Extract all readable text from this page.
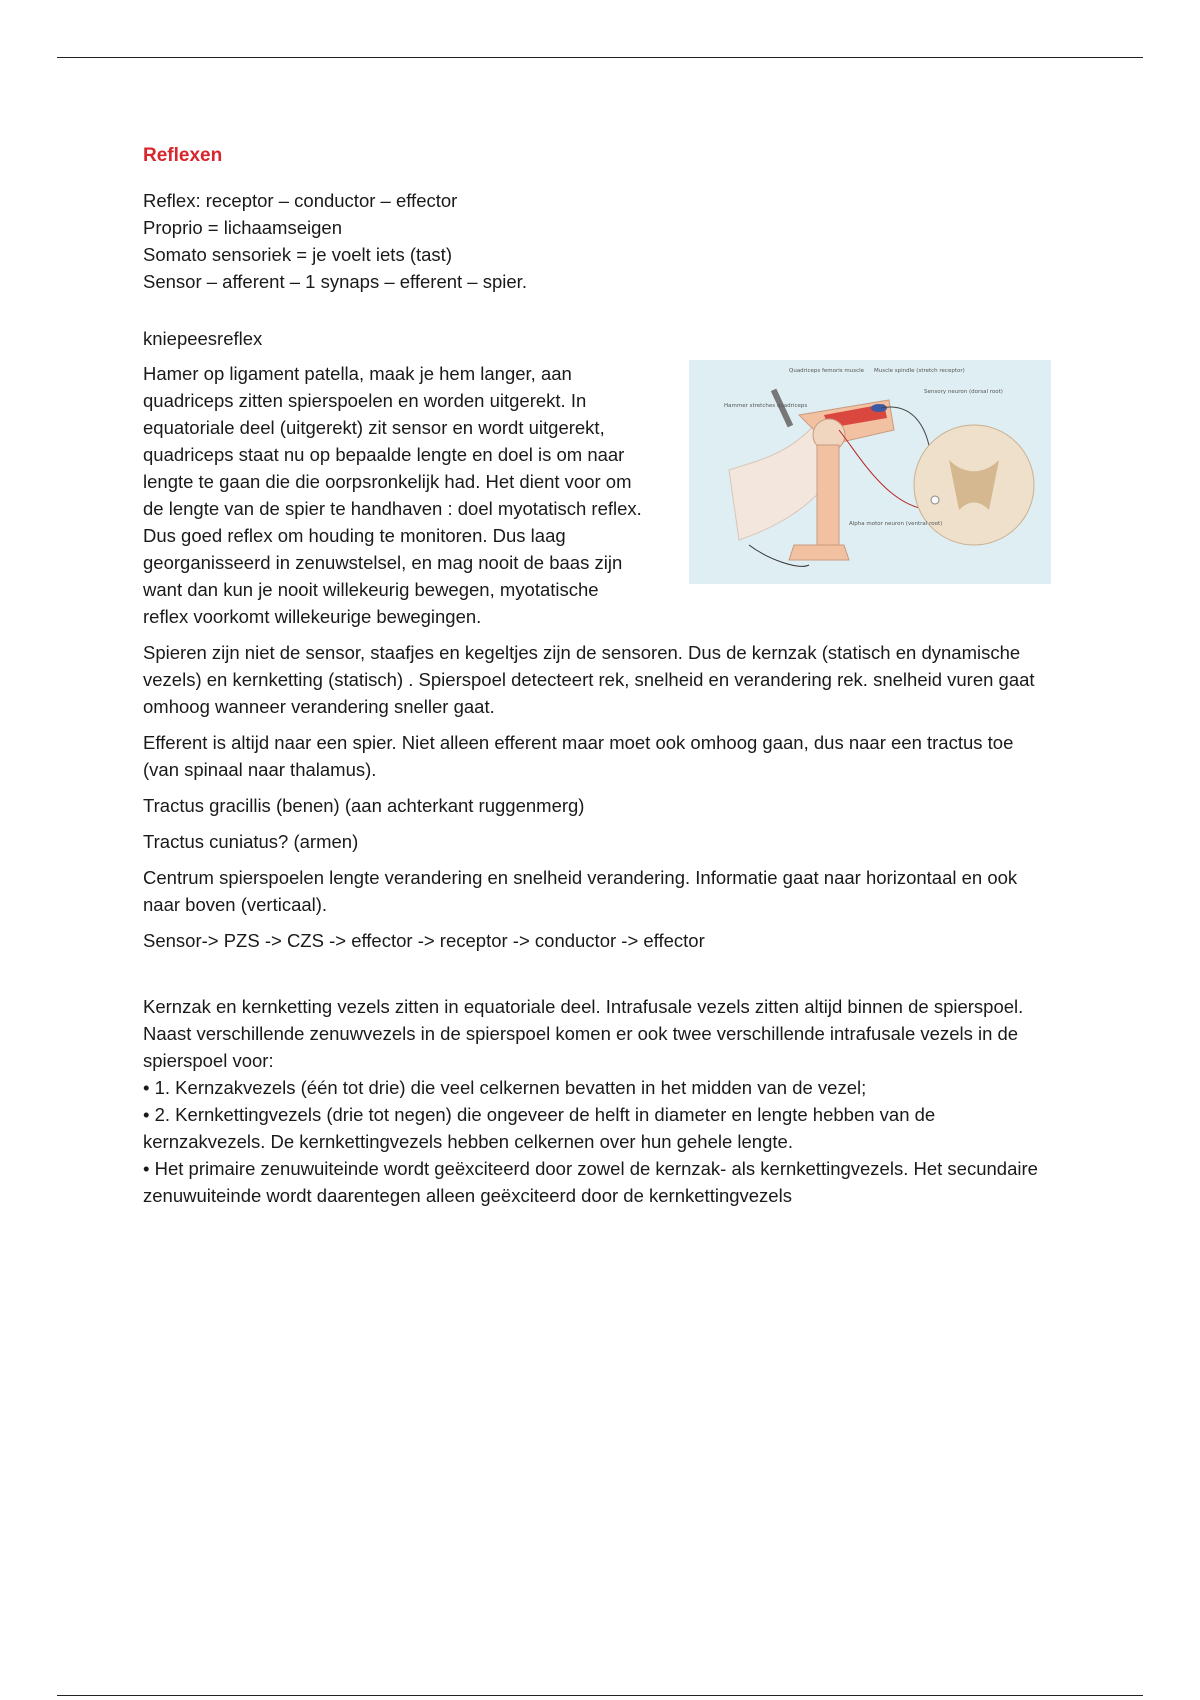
Reflexen
Reflex: receptor – conductor – effector
Proprio = lichaamseigen
Somato sensoriek = je voelt iets (tast)
Sensor – afferent – 1 synaps – efferent – spier.
kniepeesreflex
Hamer op ligament patella, maak je hem langer, aan quadriceps zitten spierspoelen en worden uitgerekt. In equatoriale deel (uitgerekt) zit sensor en wordt uitgerekt, quadriceps staat nu op bepaalde lengte en doel is om naar lengte te gaan die die oorpsronkelijk had. Het dient voor om de lengte van de spier te handhaven : doel myotatisch reflex. Dus goed reflex om houding te monitoren. Dus laag georganisseerd in zenuwstelsel, en mag nooit de baas zijn want dan kun je nooit willekeurig bewegen, myotatische reflex voorkomt willekeurige bewegingen.
Quadriceps femoris muscle Muscle spindle (stretch receptor)
Sensory neuron (dorsal root)
Hammer stretches quadriceps
Alpha motor neuron (ventral root)
Spieren zijn niet de sensor, staafjes en kegeltjes zijn de sensoren. Dus de kernzak (statisch en dynamische vezels) en kernketting (statisch) . Spierspoel detecteert rek, snelheid en verandering rek. snelheid vuren gaat omhoog wanneer verandering sneller gaat.
Efferent is altijd naar een spier. Niet alleen efferent maar moet ook omhoog gaan, dus naar een tractus toe (van spinaal naar thalamus).
Tractus gracillis (benen) (aan achterkant ruggenmerg)
Tractus cuniatus? (armen)
Centrum spierspoelen lengte verandering en snelheid verandering. Informatie gaat naar horizontaal en ook naar boven (verticaal).
Sensor-> PZS -> CZS -> effector -> receptor -> conductor -> effector
Kernzak en kernketting vezels zitten in equatoriale deel. Intrafusale vezels zitten altijd binnen de spierspoel.
Naast verschillende zenuwvezels in de spierspoel komen er ook twee verschillende intrafusale vezels in de spierspoel voor:
• 1. Kernzakvezels (één tot drie) die veel celkernen bevatten in het midden van de vezel;
• 2. Kernkettingvezels (drie tot negen) die ongeveer de helft in diameter en lengte hebben van de kernzakvezels. De kernkettingvezels hebben celkernen over hun gehele lengte.
• Het primaire zenuwuiteinde wordt geëxciteerd door zowel de kernzak- als kernkettingvezels. Het secundaire zenuwuiteinde wordt daarentegen alleen geëxciteerd door de kernkettingvezels
